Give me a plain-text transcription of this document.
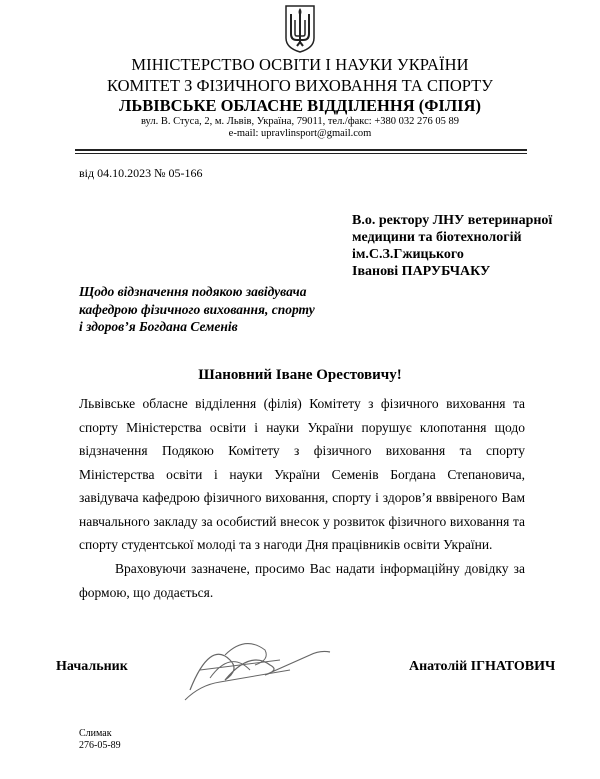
МІНІСТЕРСТВО ОСВІТИ І НАУКИ УКРАЇНИ
КОМІТЕТ З ФІЗИЧНОГО ВИХОВАННЯ ТА СПОРТУ
ЛЬВІВСЬКЕ ОБЛАСНЕ ВІДДІЛЕННЯ (ФІЛІЯ)
вул. В. Стуса, 2, м. Львів, Україна, 79011, тел./факс: +380 032 276 05 89
e-mail: upravlinsport@gmail.com
від 04.10.2023 № 05-166
В.о. ректору ЛНУ ветеринарної
медицини та біотехнологій
ім.С.З.Гжицького
Іванові ПАРУБЧАКУ
Щодо відзначення подякою завідувача кафедрою фізичного виховання, спорту і здоров’я Богдана Семенів
Шановний Іване Орестовичу!
Львівське обласне відділення (філія) Комітету з фізичного виховання та спорту Міністерства освіти і науки України порушує клопотання щодо відзначення Подякою Комітету з фізичного виховання та спорту Міністерства освіти і науки України Семенів Богдана Степановича, завідувача кафедрою фізичного виховання, спорту і здоров’я вввіреного Вам навчального закладу за особистий внесок у розвиток фізичного виховання та спорту студентської молоді та з нагоди Дня працівників освіти України.
Враховуючи зазначене, просимо Вас надати інформаційну довідку за формою, що додається.
Начальник	Анатолій ІГНАТОВИЧ
Слимак
276-05-89
